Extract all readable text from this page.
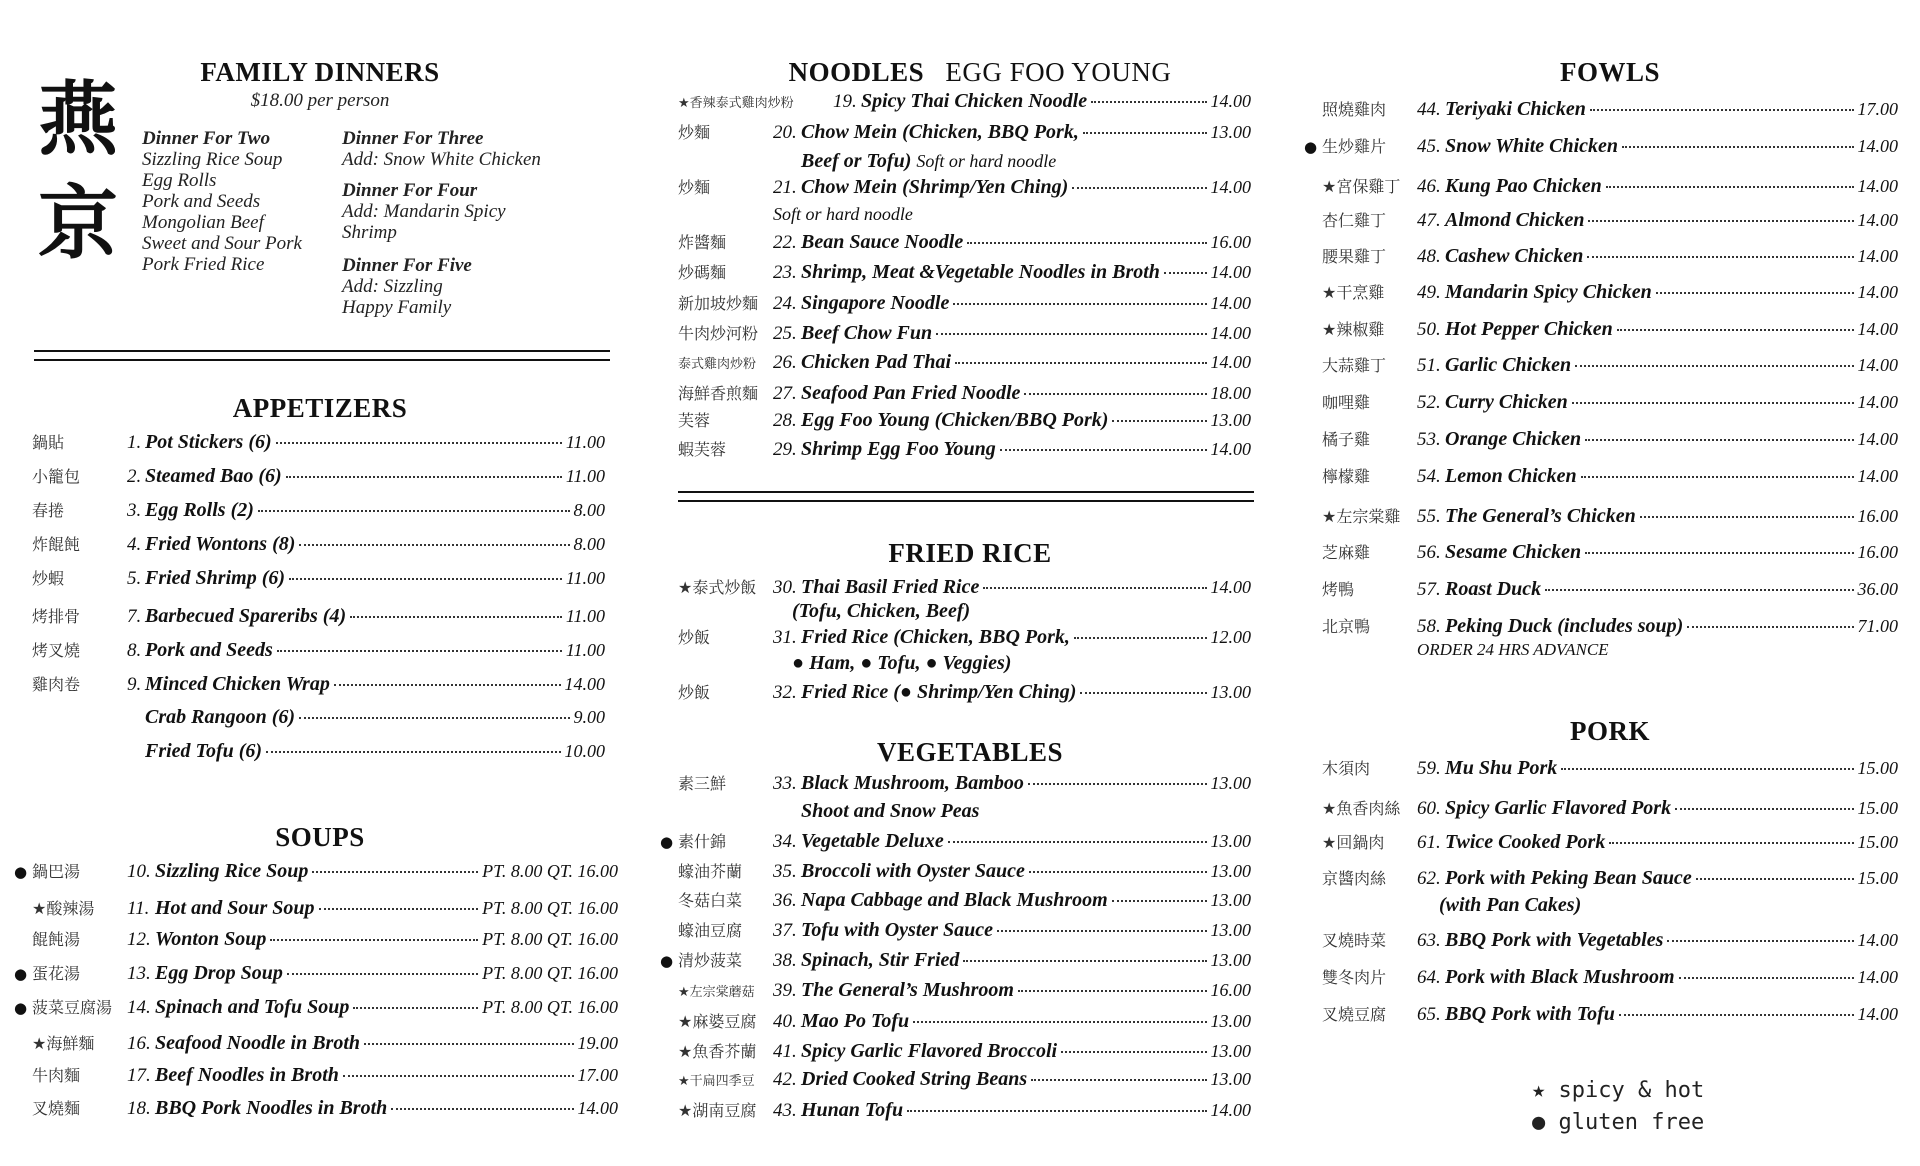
燕
京
FAMILY DINNERS
$18.00 per person
Dinner For Two
Sizzling Rice Soup
Egg Rolls
Pork and Seeds
Mongolian Beef
Sweet and Sour Pork
Pork Fried Rice
Dinner For Three
Add: Snow White Chicken
Dinner For Four
Add: Mandarin Spicy
Shrimp
Dinner For Five
Add: Sizzling
Happy Family
APPETIZERS
鍋貼	1. Pot Stickers (6)	11.00
小籠包	2. Steamed Bao (6)	11.00
春捲	3. Egg Rolls (2)	8.00
炸餛飩	4. Fried Wontons (8)	8.00
炒蝦	5. Fried Shrimp (6)	11.00
烤排骨	7. Barbecued Spareribs (4)	11.00
烤叉燒	8. Pork and Seeds	11.00
雞肉卷	9. Minced Chicken Wrap	14.00
Crab Rangoon (6)	9.00
Fried Tofu (6)	10.00
SOUPS
● 鍋巴湯	10. Sizzling Rice Soup	PT. 8.00 QT. 16.00
★酸辣湯	11. Hot and Sour Soup	PT. 8.00 QT. 16.00
餛飩湯	12. Wonton Soup	PT. 8.00 QT. 16.00
● 蛋花湯	13. Egg Drop Soup	PT. 8.00 QT. 16.00
● 菠菜豆腐湯 14. Spinach and Tofu Soup	PT. 8.00 QT. 16.00
★海鮮麵	16. Seafood Noodle in Broth	19.00
牛肉麵	17. Beef Noodles in Broth	17.00
叉燒麵	18. BBQ Pork Noodles in Broth	14.00
NOODLES EGG FOO YOUNG
★香辣泰式雞肉炒粉	19. Spicy Thai Chicken Noodle	14.00
炒麵	20. Chow Mein (Chicken, BBQ Pork,	13.00
Beef or Tofu) Soft or hard noodle
炒麵	21. Chow Mein (Shrimp/Yen Ching)	14.00
Soft or hard noodle
炸醬麵	22. Bean Sauce Noodle	16.00
炒碼麵	23. Shrimp, Meat &Vegetable Noodles in Broth	14.00
新加坡炒麵 24. Singapore Noodle	14.00
牛肉炒河粉 25. Beef Chow Fun	14.00
泰式雞肉炒粉 26. Chicken Pad Thai	14.00
海鮮香煎麵 27. Seafood Pan Fried Noodle	18.00
芙蓉	28. Egg Foo Young (Chicken/BBQ Pork)	13.00
蝦芙蓉	29. Shrimp Egg Foo Young	14.00
FRIED RICE
★泰式炒飯 30. Thai Basil Fried Rice	14.00
(Tofu, Chicken, Beef)
炒飯	31. Fried Rice (Chicken, BBQ Pork,	12.00
● Ham, ● Tofu, ● Veggies)
炒飯	32. Fried Rice (● Shrimp/Yen Ching)	13.00
VEGETABLES
素三鮮	33. Black Mushroom, Bamboo	13.00
Shoot and Snow Peas
● 素什錦	34. Vegetable Deluxe	13.00
蠔油芥蘭	35. Broccoli with Oyster Sauce	13.00
冬菇白菜	36. Napa Cabbage and Black Mushroom	13.00
蠔油豆腐	37. Tofu with Oyster Sauce	13.00
● 清炒菠菜	38. Spinach, Stir Fried	13.00
★左宗棠蘑菇 39. The General’s Mushroom	16.00
★麻婆豆腐 40. Mao Po Tofu	13.00
★魚香芥蘭 41. Spicy Garlic Flavored Broccoli	13.00
★干扁四季豆 42. Dried Cooked String Beans	13.00
★湖南豆腐 43. Hunan Tofu	14.00
FOWLS
照燒雞肉	44. Teriyaki Chicken	17.00
● 生炒雞片	45. Snow White Chicken	14.00
★宮保雞丁 46. Kung Pao Chicken	14.00
杏仁雞丁	47. Almond Chicken	14.00
腰果雞丁	48. Cashew Chicken	14.00
★干烹雞	49. Mandarin Spicy Chicken	14.00
★辣椒雞	50. Hot Pepper Chicken	14.00
大蒜雞丁	51. Garlic Chicken	14.00
咖哩雞	52. Curry Chicken	14.00
橘子雞	53. Orange Chicken	14.00
檸檬雞	54. Lemon Chicken	14.00
★左宗棠雞 55. The General’s Chicken	16.00
芝麻雞	56. Sesame Chicken	16.00
烤鴨	57. Roast Duck	36.00
北京鴨	58. Peking Duck (includes soup)	71.00
ORDER 24 HRS ADVANCE
PORK
木須肉	59. Mu Shu Pork	15.00
★魚香肉絲 60. Spicy Garlic Flavored Pork	15.00
★回鍋肉	61. Twice Cooked Pork	15.00
京醬肉絲	62. Pork with Peking Bean Sauce	15.00
(with Pan Cakes)
叉燒時菜	63. BBQ Pork with Vegetables	14.00
雙冬肉片	64. Pork with Black Mushroom	14.00
叉燒豆腐	65. BBQ Pork with Tofu	14.00
★ spicy & hot
● gluten free
